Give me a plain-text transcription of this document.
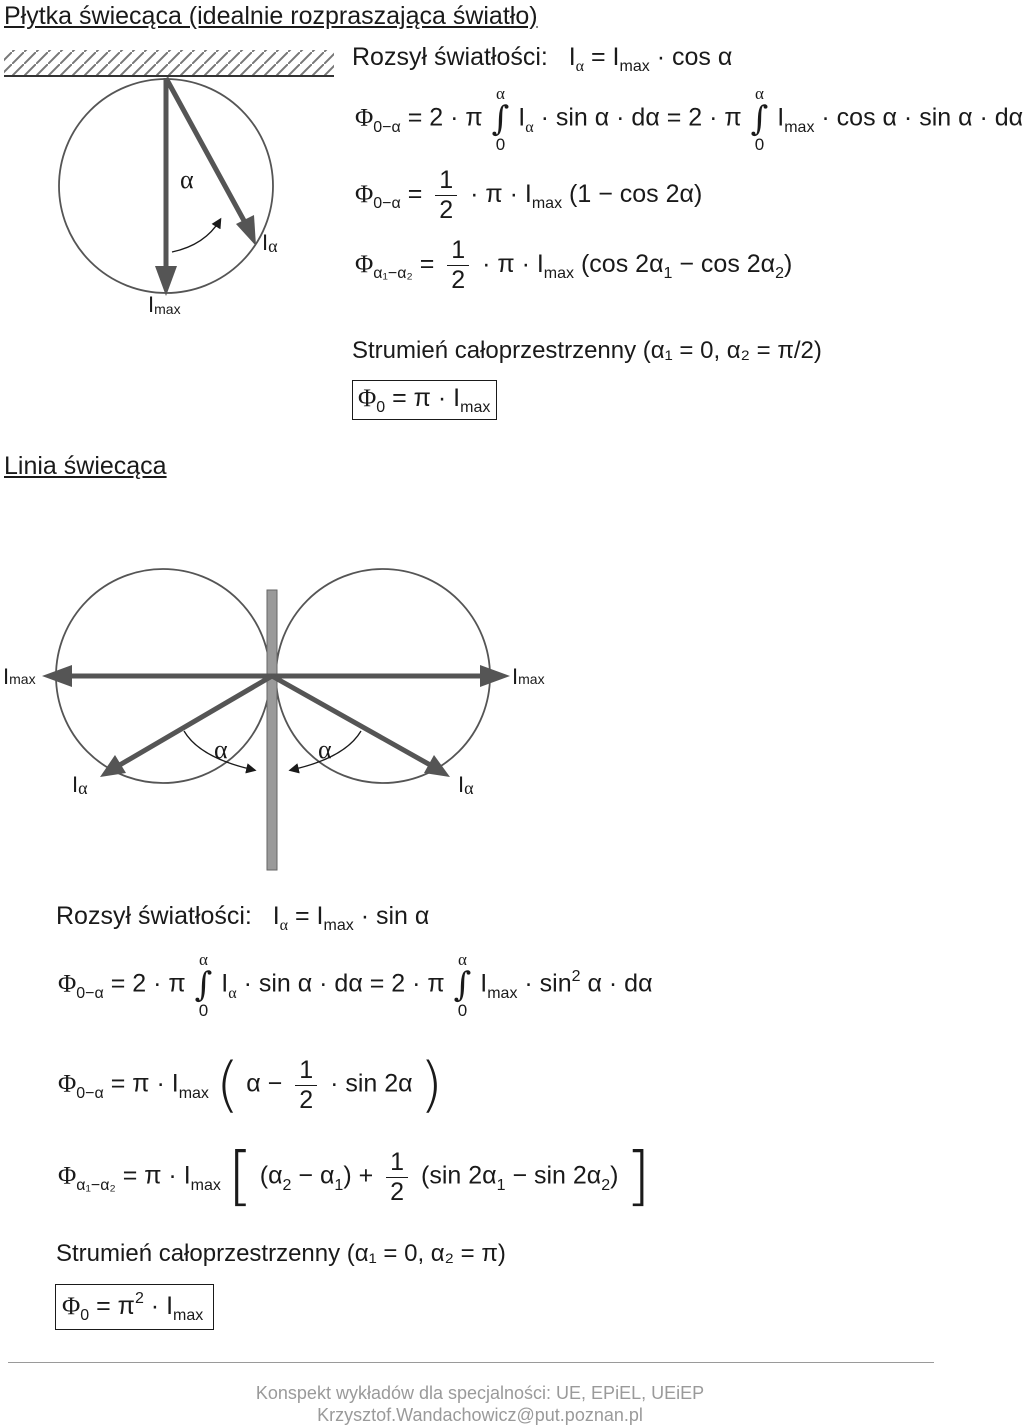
Płytka świecąca (idealnie rozpraszająca światło)
α
Iα
Imax
Rozsył światłości: $I_\alpha = I_{max} \cdot \cos \alpha$
$\Phi_{0-\alpha} = 2 \cdot \pi$
α
∫
0
$I_\alpha \cdot \sin \alpha \cdot d\alpha = 2 \cdot \pi$
α
∫
0
$I_{max} \cdot \cos \alpha \cdot \sin \alpha \cdot d\alpha$
$\Phi_{0-\alpha} = \frac{1}{2} \cdot \pi \cdot I_{max}$ (1 − cos 2α)
$\Phi_{\alpha_1-\alpha_2} = \frac{1}{2} \cdot \pi \cdot I_{max}$ (cos $2\alpha_1 - \cos 2\alpha_2$)
Strumień całoprzestrzenny (α₁ = 0, α₂ = π/2)
$\Phi_0 = \pi \cdot I_{max}$
Linia świecąca
Imax	Imax
α	α
Iα	Iα
Rozsył światłości: $I_\alpha = I_{max} \cdot \sin \alpha$
$\Phi_{0-\alpha} = 2 \cdot \pi$
α
∫
0
$I_\alpha \cdot \sin \alpha \cdot d\alpha = 2 \cdot \pi$
α
∫
0
$I_{max} \cdot \sin^2 \alpha \cdot d\alpha$
$\Phi_{0-\alpha} = \pi \cdot I_{max}$ ( $\alpha - \frac{1}{2} \cdot \sin 2\alpha$ )
$\Phi_{\alpha_1-\alpha_2} = \pi \cdot I_{max}$ [ $(\alpha_2 - \alpha_1) + \frac{1}{2} (\sin$ $2\alpha_1 - \sin 2\alpha_2$) ]
Strumień całoprzestrzenny (α₁ = 0, α₂ = π)
$\Phi_0 = \pi^2 \cdot I_{max}$
Konspekt wykładów dla specjalności: UE, EPiEL, UEiEP
Krzysztof.Wandachowicz@put.poznan.pl
